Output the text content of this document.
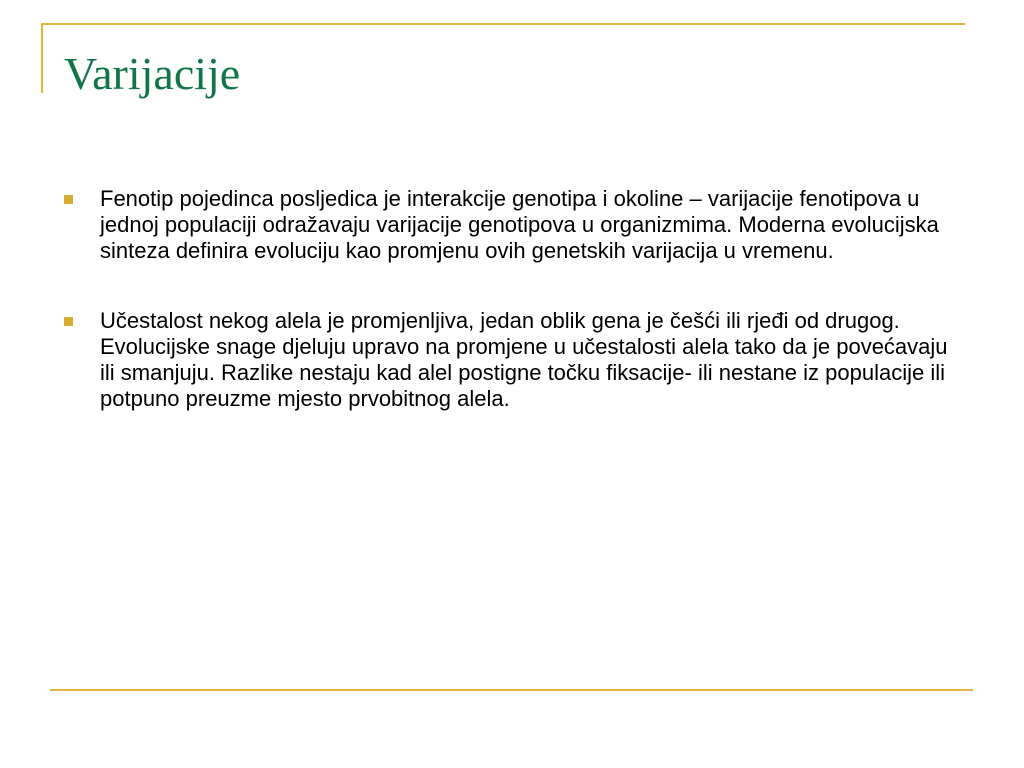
Varijacije
Fenotip pojedinca posljedica je interakcije genotipa i okoline – varijacije fenotipova u jednoj populaciji odražavaju varijacije genotipova u organizmima. Moderna evolucijska sinteza definira evoluciju kao promjenu ovih genetskih varijacija u vremenu.
Učestalost nekog alela je promjenljiva, jedan oblik gena je češći ili rjeđi od drugog. Evolucijske snage djeluju upravo na promjene u učestalosti alela tako da je povećavaju ili smanjuju. Razlike nestaju kad alel postigne točku fiksacije- ili nestane iz populacije ili potpuno preuzme mjesto prvobitnog alela.
